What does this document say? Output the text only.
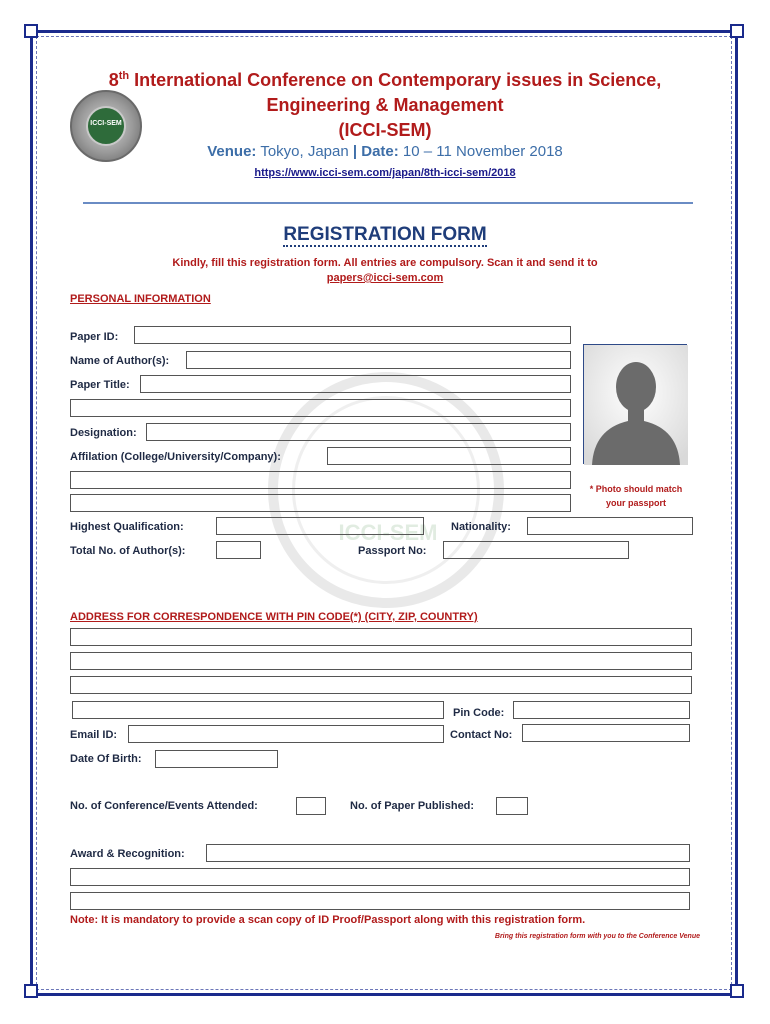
ICCI-SEM
ICCI-SEM
8th International Conference on Contemporary issues in Science,
Engineering & Management
(ICCI-SEM)
Venue: Tokyo, Japan | Date: 10 – 11 November 2018
https://www.icci-sem.com/japan/8th-icci-sem/2018
REGISTRATION FORM
Kindly, fill this registration form. All entries are compulsory. Scan it and send it to
papers@icci-sem.com
PERSONAL INFORMATION
Paper ID:
Name of Author(s):
Paper Title:
Designation:
Affilation (College/University/Company):
* Photo should match
your passport
Highest Qualification:	Nationality:
Total No. of Author(s):	Passport No:
ADDRESS FOR CORRESPONDENCE WITH PIN CODE(*) (CITY, ZIP, COUNTRY)
Pin Code:
Email ID:	Contact No:
Date Of Birth:
No. of Conference/Events Attended:	No. of Paper Published:
Award & Recognition:
Note: It is mandatory to provide a scan copy of ID Proof/Passport along with this registration form.
Bring this registration form with you to the Conference Venue
